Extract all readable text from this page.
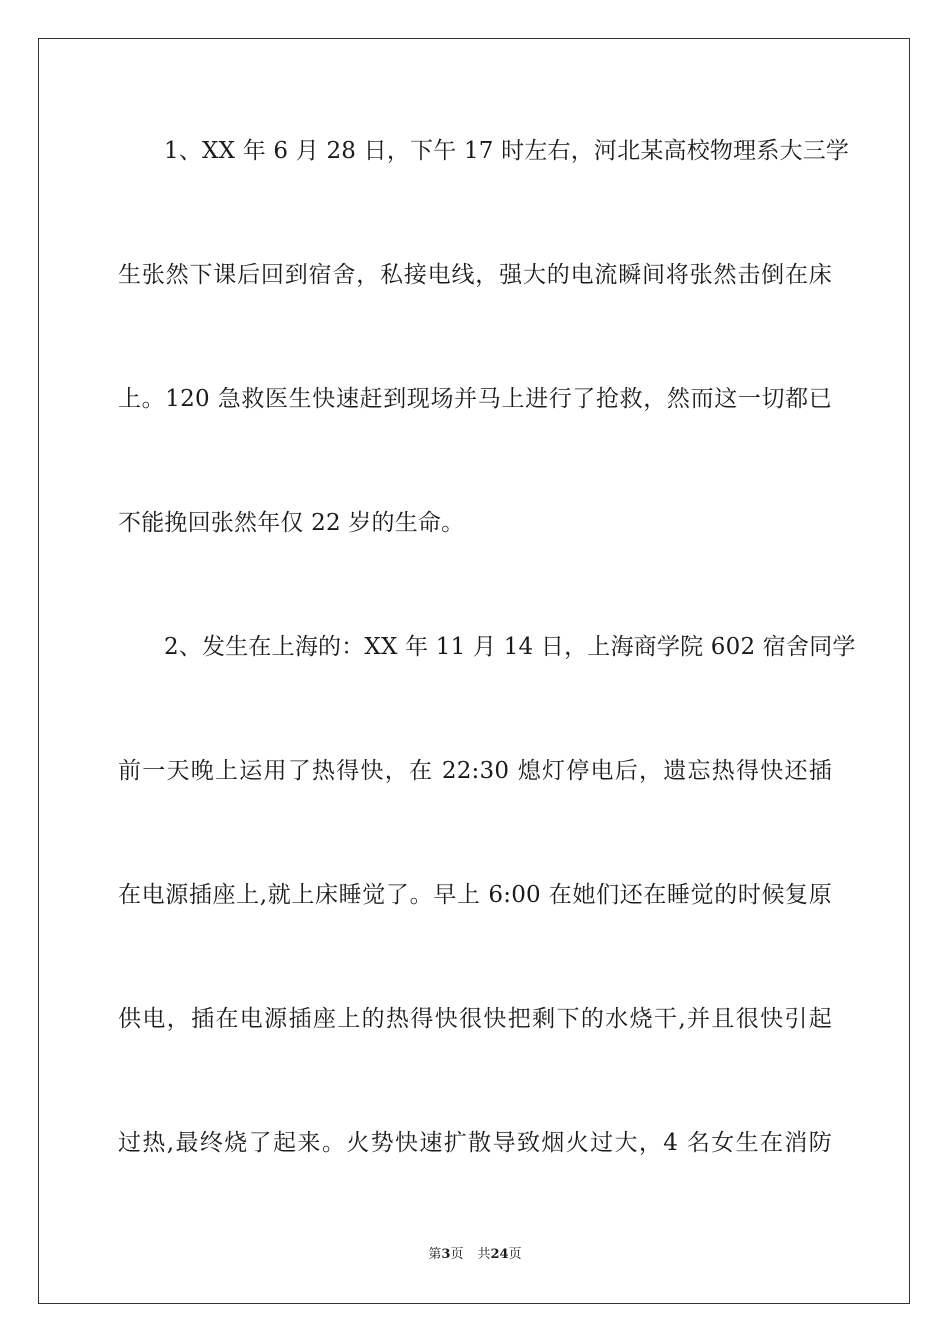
1、XX 年 6 月 28 日，下午 17 时左右，河北某高校物理系大三学
生张然下课后回到宿舍，私接电线，强大的电流瞬间将张然击倒在床
上。120 急救医生快速赶到现场并马上进行了抢救，然而这一切都已
不能挽回张然年仅 22 岁的生命。
2、发生在上海的：XX 年 11 月 14 日，上海商学院 602 宿舍同学
前一天晚上运用了热得快，在 22:30 熄灯停电后，遗忘热得快还插
在电源插座上,就上床睡觉了。早上 6:00 在她们还在睡觉的时候复原
供电，插在电源插座上的热得快很快把剩下的水烧干,并且很快引起
过热,最终烧了起来。火势快速扩散导致烟火过大，4 名女生在消防
第3页 共24页
